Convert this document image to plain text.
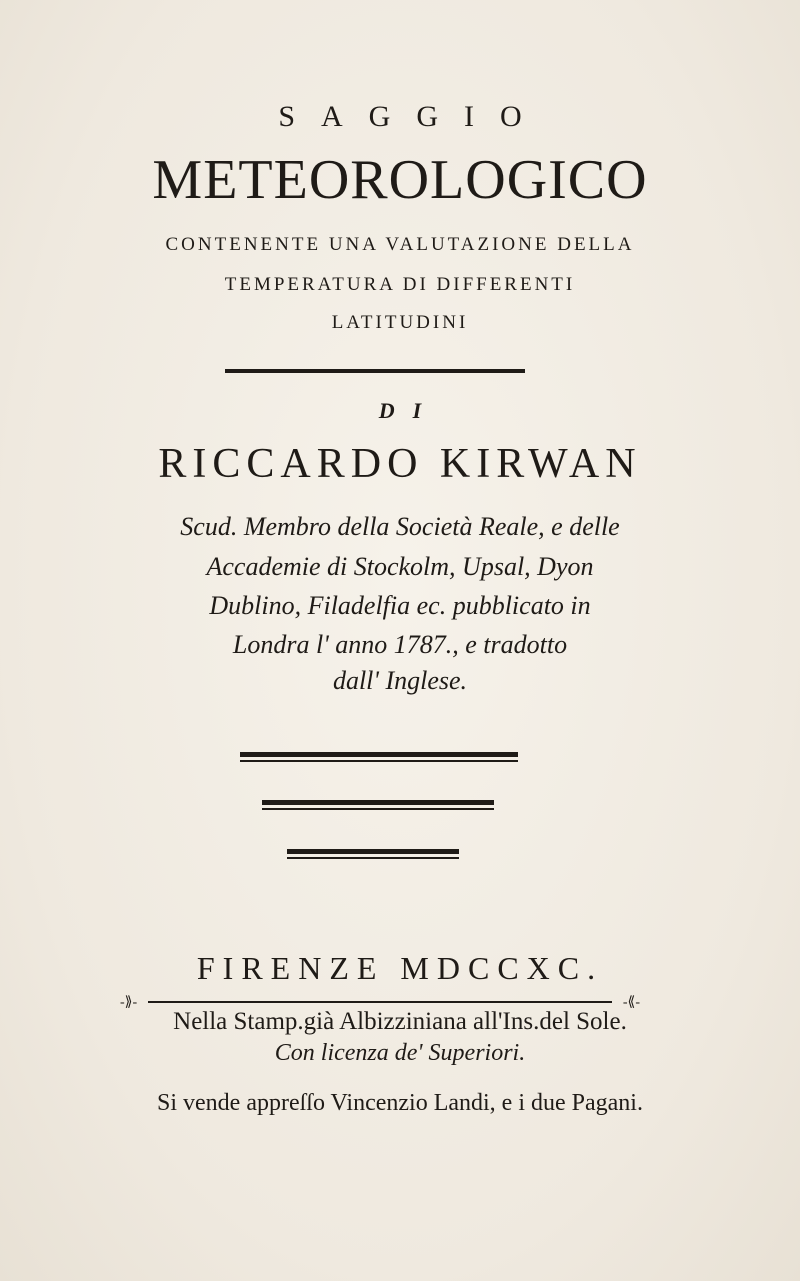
SAGGIO
METEOROLOGICO
CONTENENTE UNA VALUTAZIONE DELLA
TEMPERATURA DI DIFFERENTI
LATITUDINI
DI
RICCARDO KIRWAN
Scud. Membro della Società Reale, e delle
Accademie di Stockolm, Upsal, Dyon
Dublino, Filadelfia ec. pubblicato in
Londra l' anno 1787., e tradotto
dall' Inglese.
FIRENZE MDCCXC.
-⟫-	-⟪-
Nella Stamp.già Albizziniana all'Ins.del Sole.
Con licenza de' Superiori.
Si vende appreſſo Vincenzio Landi, e i due Pagani.
